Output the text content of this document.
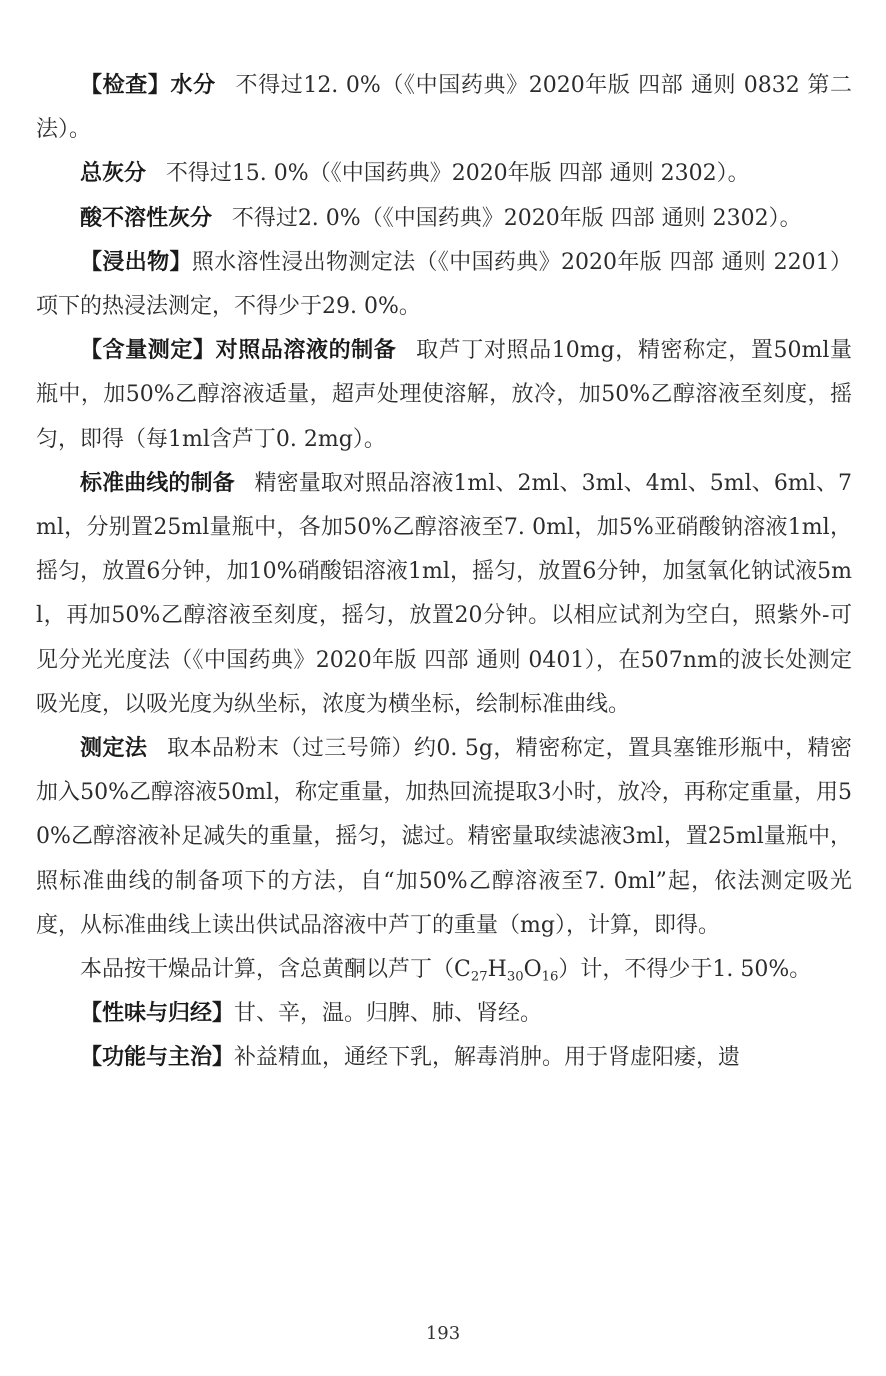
【检查】水分 不得过12. 0%（《中国药典》2020年版 四部 通则 0832 第二法）。

总灰分 不得过15. 0%（《中国药典》2020年版 四部 通则 2302）。

酸不溶性灰分 不得过2. 0%（《中国药典》2020年版 四部 通则 2302）。

【浸出物】照水溶性浸出物测定法（《中国药典》2020年版 四部 通则 2201）项下的热浸法测定，不得少于29. 0%。

【含量测定】对照品溶液的制备 取芦丁对照品10mg，精密称定，置50ml量瓶中，加50%乙醇溶液适量，超声处理使溶解，放冷，加50%乙醇溶液至刻度，摇匀，即得（每1ml含芦丁0. 2mg）。

标准曲线的制备 精密量取对照品溶液1ml、2ml、3ml、4ml、5ml、6ml、7ml，分别置25ml量瓶中，各加50%乙醇溶液至7. 0ml，加5%亚硝酸钠溶液1ml，摇匀，放置6分钟，加10%硝酸铝溶液1ml，摇匀，放置6分钟，加氢氧化钠试液5ml，再加50%乙醇溶液至刻度，摇匀，放置20分钟。以相应试剂为空白，照紫外-可见分光光度法（《中国药典》2020年版 四部 通则 0401），在507nm的波长处测定吸光度，以吸光度为纵坐标，浓度为横坐标，绘制标准曲线。

测定法 取本品粉末（过三号筛）约0. 5g，精密称定，置具塞锥形瓶中，精密加入50%乙醇溶液50ml，称定重量，加热回流提取3小时，放冷，再称定重量，用50%乙醇溶液补足减失的重量，摇匀，滤过。精密量取续滤液3ml，置25ml量瓶中，照标准曲线的制备项下的方法，自“加50%乙醇溶液至7. 0ml”起，依法测定吸光度，从标准曲线上读出供试品溶液中芦丁的重量（mg），计算，即得。

本品按干燥品计算，含总黄酮以芦丁$(C_{27}H_{30}O_{16})$计，不得少于1. 50%。

【性味与归经】甘、辛，温。归脾、肺、肾经。

【功能与主治】补益精血，通经下乳，解毒消肿。用于肾虚阳痿，遗

193
